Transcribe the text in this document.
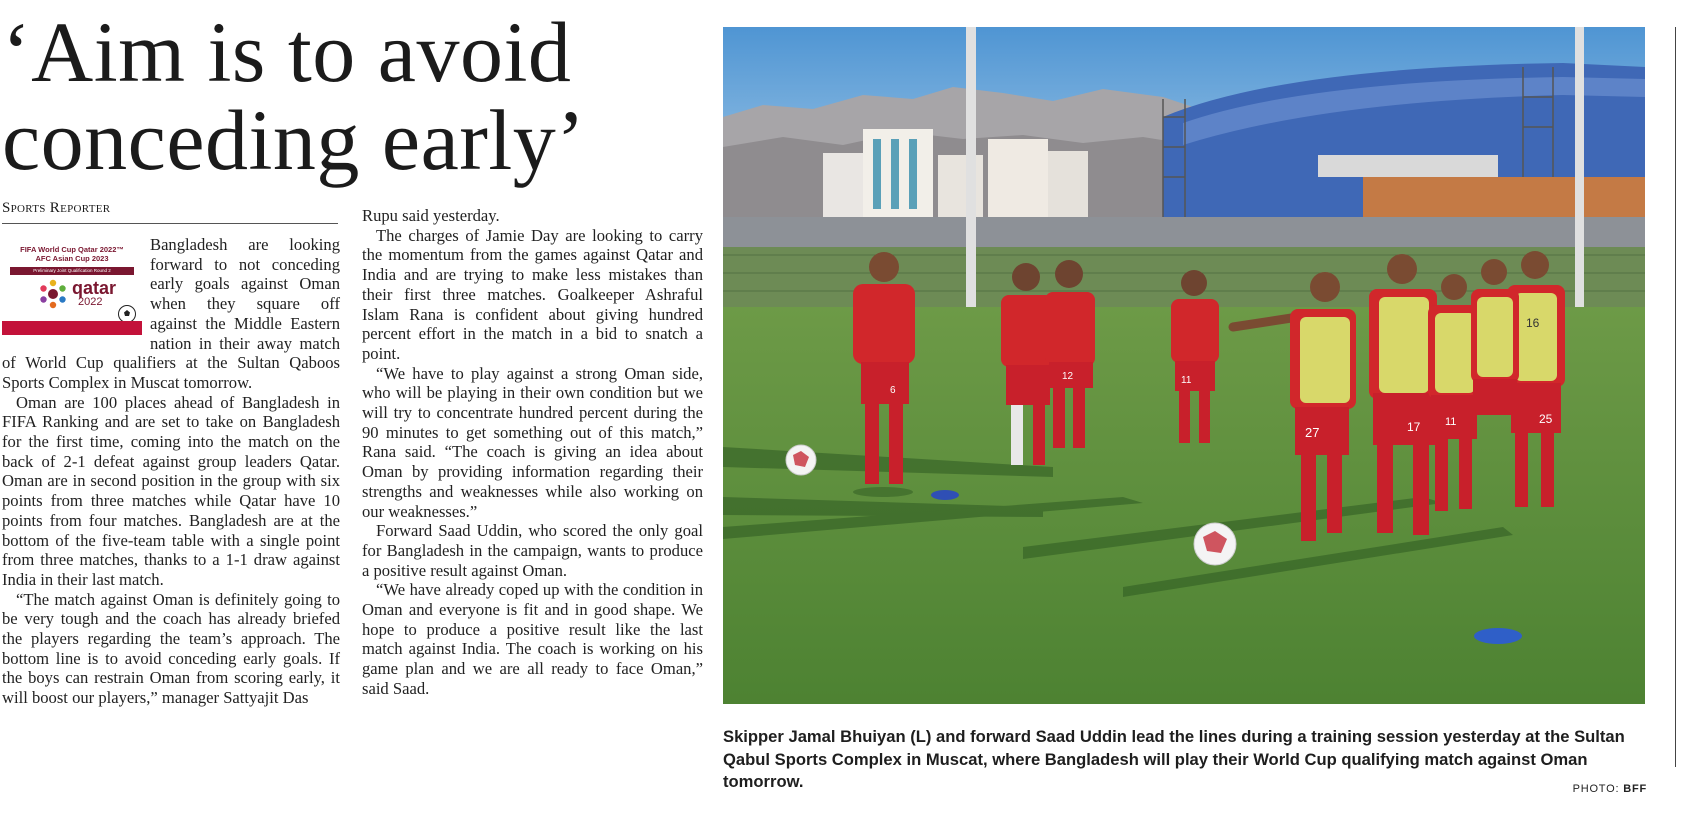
‘Aim is to avoid
conceding early’
Sports Reporter
FIFA World Cup Qatar 2022™
AFC Asian Cup 2023
Preliminary Joint Qualification Round 2
qatar
2022

Bangladesh are looking forward to not conceding early goals against Oman when they square off against the Middle Eastern nation in their away match of World Cup qualifiers at the Sultan Qaboos Sports Complex in Muscat tomorrow.

Oman are 100 places ahead of Bangladesh in FIFA Ranking and are set to take on Bangladesh for the first time, coming into the match on the back of 2-1 defeat against group leaders Qatar. Oman are in second position in the group with six points from three matches while Qatar have 10 points from four matches. Bangladesh are at the bottom of the five-team table with a single point from three matches, thanks to a 1-1 draw against India in their last match.

“The match against Oman is definitely going to be very tough and the coach has already briefed the players regarding the team’s approach. The bottom line is to avoid conceding early goals. If the boys can restrain Oman from scoring early, it will boost our players,” manager Sattyajit Das

Rupu said yesterday.

The charges of Jamie Day are looking to carry the momentum from the games against Qatar and India and are trying to make less mistakes than their first three matches. Goalkeeper Ashraful Islam Rana is confident about giving hundred percent effort in the match in a bid to snatch a point.

“We have to play against a strong Oman side, who will be playing in their own condition but we will try to concentrate hundred percent during the 90 minutes to get something out of this match,” Rana said. “The coach is giving an idea about Oman by providing information regarding their strengths and weaknesses while also working on our weaknesses.”

Forward Saad Uddin, who scored the only goal for Bangladesh in the campaign, wants to produce a positive result against Oman.

“We have already coped up with the condition in Oman and everyone is fit and in good shape. We hope to produce a positive result like the last match against India. The coach is working on his game plan and we are all ready to face Oman,” said Saad.

6
12	11
27	17 11	25
16

Skipper Jamal Bhuiyan (L) and forward Saad Uddin lead the lines during a training session yesterday at the Sultan Qabul Sports Complex in Muscat, where Bangladesh will play their World Cup qualifying match against Oman tomorrow.	PHOTO: BFF
